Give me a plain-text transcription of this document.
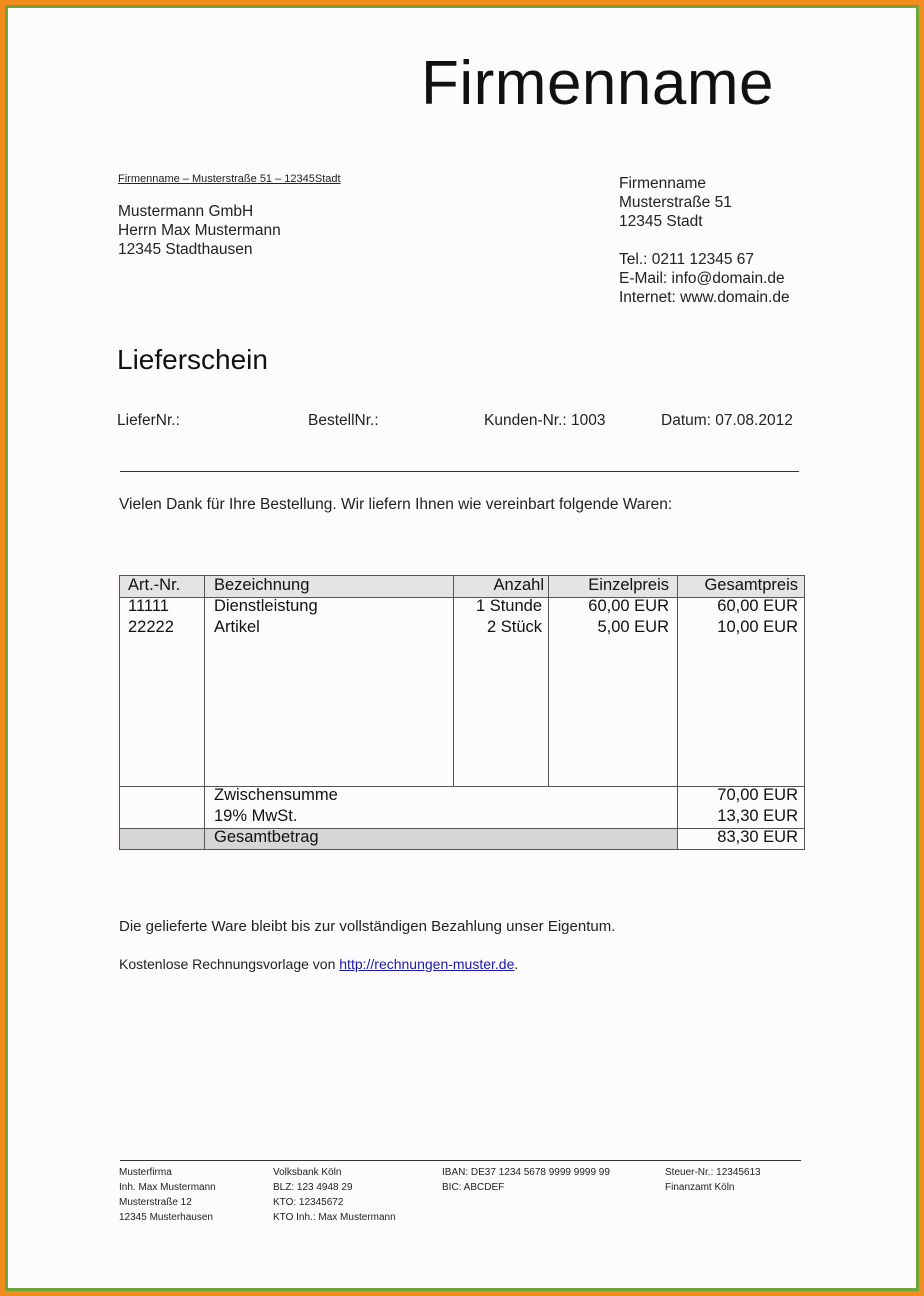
Firmenname
Firmenname – Musterstraße 51 – 12345Stadt
Mustermann GmbH
Herrn Max Mustermann
12345 Stadthausen
Firmenname
Musterstraße 51
12345 Stadt
Tel.: 0211 12345 67
E-Mail: info@domain.de
Internet: www.domain.de
Lieferschein
LieferNr.:	BestellNr.:	Kunden-Nr.: 1003	Datum: 07.08.2012
Vielen Dank für Ihre Bestellung. Wir liefern Ihnen wie vereinbart folgende Waren:
Art.-Nr. Bezeichnung	Anzahl	Einzelpreis	Gesamtpreis
11111	Dienstleistung	1 Stunde	60,00 EUR	60,00 EUR
22222 Artikel	2 Stück	5,00 EUR	10,00 EUR
Zwischensumme	70,00 EUR
19% MwSt.	13,30 EUR
Gesamtbetrag	83,30 EUR
Die gelieferte Ware bleibt bis zur vollständigen Bezahlung unser Eigentum.
Kostenlose Rechnungsvorlage von http://rechnungen-muster.de.
Musterfirma
Inh. Max Mustermann
Musterstraße 12
12345 Musterhausen
Volksbank Köln
BLZ: 123 4948 29
KTO: 12345672
KTO Inh.: Max Mustermann
IBAN: DE37 1234 5678 9999 9999 99
BIC: ABCDEF
Steuer-Nr.: 12345613
Finanzamt Köln
